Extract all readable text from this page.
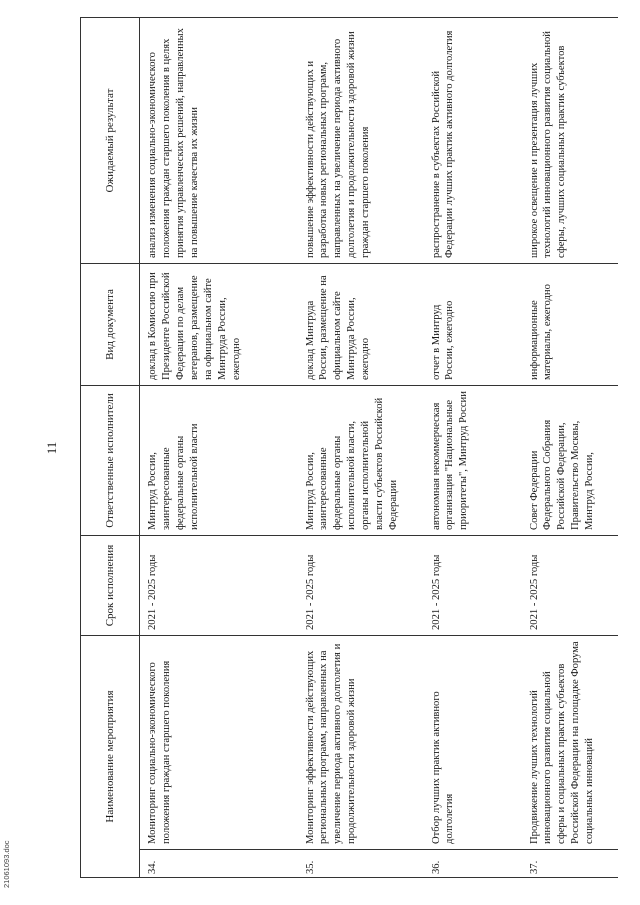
11
Наименование мероприятия		Срок исполнения	Ответственные исполнители	Вид документа	Ожидаемый результат
34.	Мониторинг социально-экономического положения граждан старшего поколения	2021 - 2025 годы	Минтруд России, заинтересованные федеральные органы исполнительной власти	доклад в Комиссию при Президенте Российской Федерации по делам ветеранов, размещение на официальном сайте Минтруда России, ежегодно	анализ изменения социально-экономического положения граждан старшего поколения в целях принятия управленческих решений, направленных на повышение качества их жизни
35.	Мониторинг эффективности действующих региональных программ, направленных на увеличение периода активного долголетия и продолжительности здоровой жизни	2021 - 2025 годы	Минтруд России, заинтересованные федеральные органы исполнительной власти, органы исполнительной власти субъектов Российской Федерации	доклад Минтруда России, размещение на официальном сайте Минтруда России, ежегодно	повышение эффективности действующих и разработка новых региональных программ, направленных на увеличение периода активного долголетия и продолжительности здоровой жизни граждан старшего поколения
36.	Отбор лучших практик активного долголетия	2021 - 2025 годы	автономная некоммерческая организация "Национальные приоритеты", Минтруд России	отчет в Минтруд России, ежегодно	распространение в субъектах Российской Федерации лучших практик активного долголетия
37.	Продвижение лучших технологий инновационного развития социальной сферы и социальных практик субъектов Российской Федерации на площадке Форума социальных инноваций	2021 - 2025 годы	Совет Федерации Федерального Собрания Российской Федерации, Правительство Москвы, Минтруд России,	информационные материалы, ежегодно	широкое освещение и презентация лучших технологий инновационного развития социальной сферы, лучших социальных практик субъектов
21061093.doc
